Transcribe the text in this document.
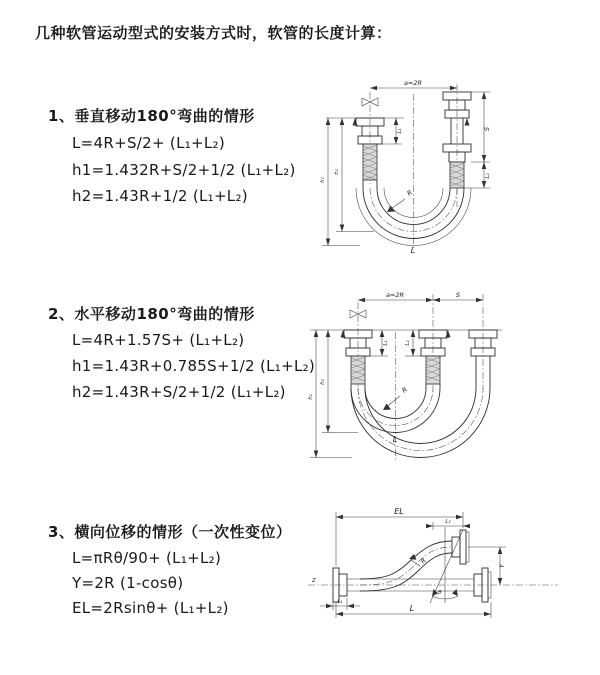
几种软管运动型式的安装方式时，软管的长度计算：
1、垂直移动180°弯曲的情形
L=4R+S/2+ (L₁+L₂)
h1=1.432R+S/2+1/2 (L₁+L₂)
h2=1.43R+1/2 (L₁+L₂)
2、水平移动180°弯曲的情形
L=4R+1.57S+ (L₁+L₂)
h1=1.43R+0.785S+1/2 (L₁+L₂)
h2=1.43R+S/2+1/2 (L₁+L₂)
3、横向位移的情形（一次性变位）
L=πRθ/90+ (L₁+L₂)
Y=2R (1-cosθ)
EL=2Rsinθ+ (L₁+L₂)
a=2R
S
L₂
L₁
h₂
h₁
R
L
a=2R	S
L₁	L₂
h₂
h₁
R
L
Z
EL
L₂
Y
θ
R
L₁
L
